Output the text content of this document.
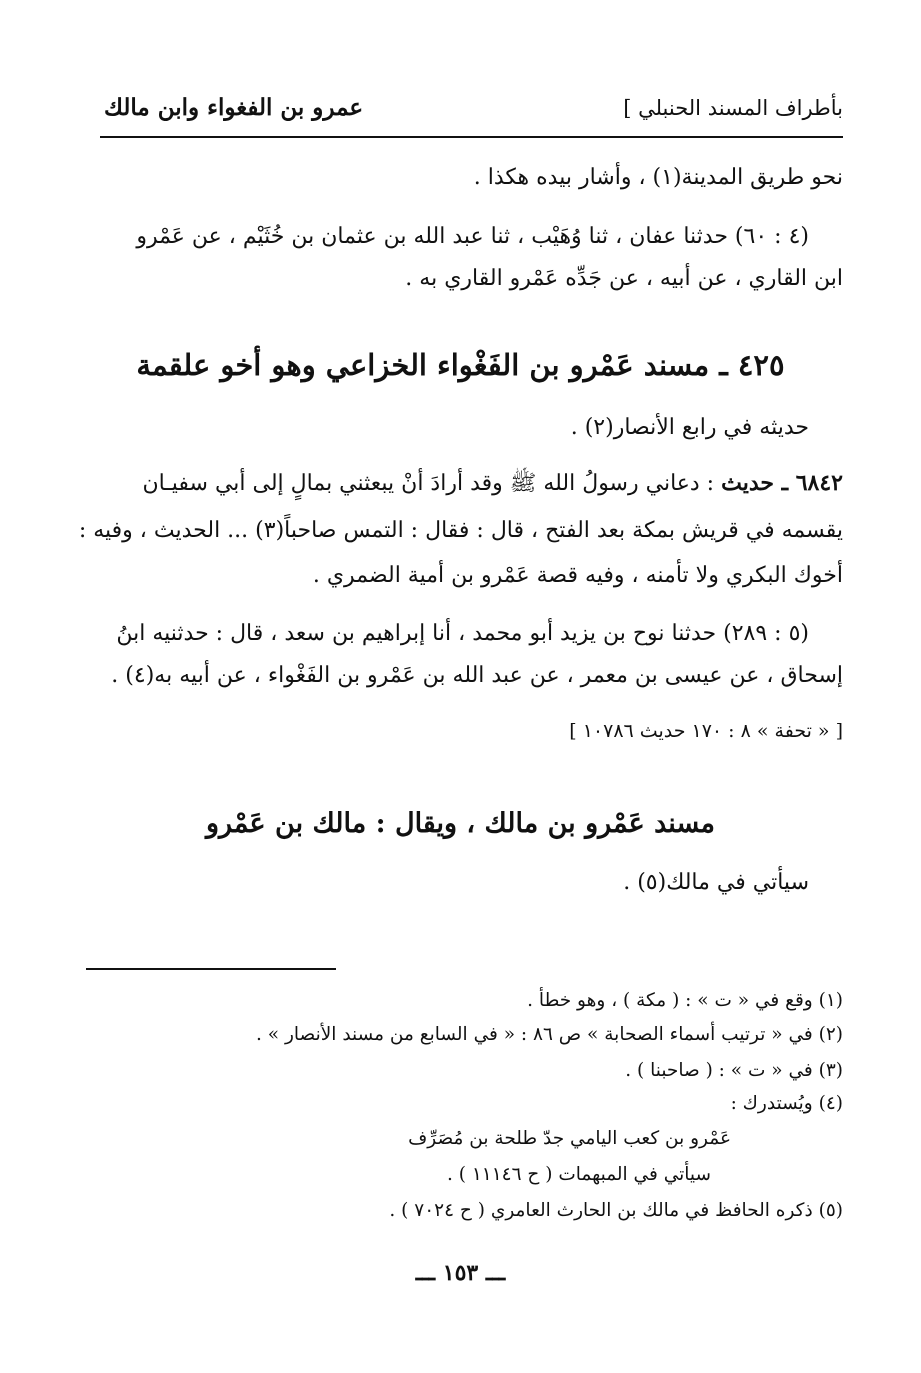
بأطراف المسند الحنبلي ]
عمرو بن الفغواء وابن مالك
نحو طريق المدينة(١) ، وأشار بيده هكذا .
(٤ : ٦٠) حدثنا عفان ، ثنا وُهَيْب ، ثنا عبد الله بن عثمان بن خُثَيْم ، عن عَمْرو
ابن القاري ، عن أبيه ، عن جَدِّه عَمْرو القاري به .
٤٢٥ ـ مسند عَمْرو بن الفَغْواء الخزاعي وهو أخو علقمة
حديثه في رابع الأنصار(٢) .
٦٨٤٢ ـ حديث : دعاني رسولُ الله ﷺ وقد أرادَ أنْ يبعثني بمالٍ إلى أبي سفيـان
يقسمه في قريش بمكة بعد الفتح ، قال : فقال : التمس صاحباً(٣) ... الحديث ، وفيه :
أخوك البكري ولا تأمنه ، وفيه قصة عَمْرو بن أمية الضمري .
(٥ : ٢٨٩) حدثنا نوح بن يزيد أبو محمد ، أنا إبراهيم بن سعد ، قال : حدثنيه ابنُ
إسحاق ، عن عيسى بن معمر ، عن عبد الله بن عَمْرو بن الفَغْواء ، عن أبيه به(٤) .
[ « تحفة » ٨ : ١٧٠ حديث ١٠٧٨٦ ]
مسند عَمْرو بن مالك ، ويقال : مالك بن عَمْرو
سيأتي في مالك(٥) .
(١) وقع في « ت » : ( مكة ) ، وهو خطأ .
(٢) في « ترتيب أسماء الصحابة » ص ٨٦ : « في السابع من مسند الأنصار » .
(٣) في « ت » : ( صاحبنا ) .
(٤) ويُستدرك :
عَمْرو بن كعب اليامي جدّ طلحة بن مُصَرِّف
سيأتي في المبهمات ( ح ١١١٤٦ ) .
(٥) ذكره الحافظ في مالك بن الحارث العامري ( ح ٧٠٢٤ ) .
ـــ ١٥٣ ـــ
